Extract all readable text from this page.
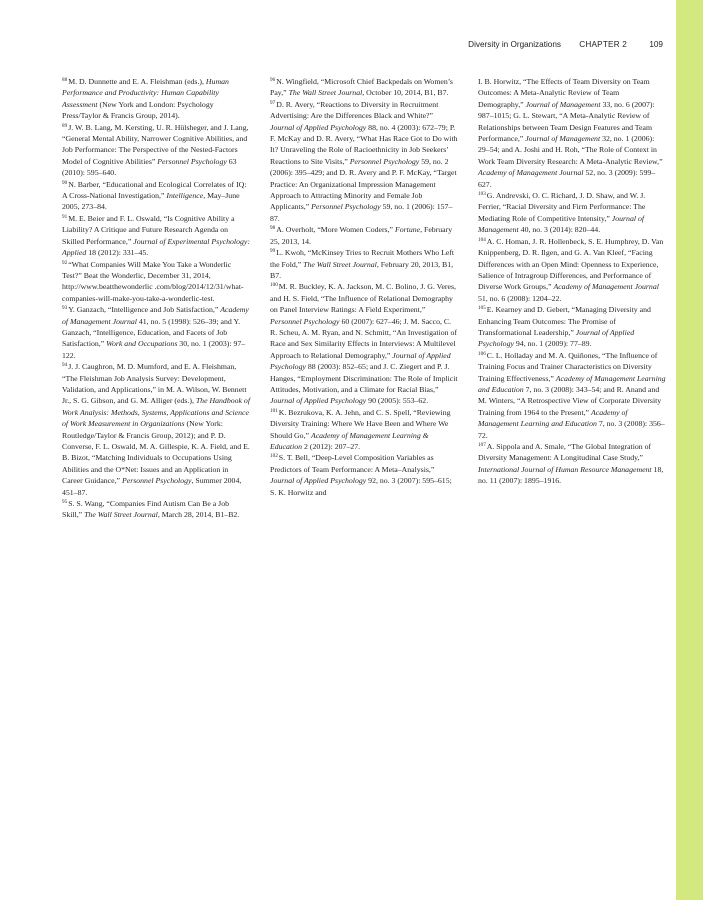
Diversity in Organizations CHAPTER 2	109

$^{88}$M. D. Dunnette and E. A. Fleishman (eds.), Human Performance and Productivity: Human Capability Assessment (New York and London: Psychology Press/Taylor & Francis Group, 2014).

$^{89}$J. W. B. Lang, M. Kersting, U. R. Hülsheger, and J. Lang, “General Mental Ability, Narrower Cognitive Abilities, and Job Performance: The Perspective of the Nested-Factors Model of Cognitive Abilities” Personnel Psychology 63 (2010): 595–640.

$^{90}$N. Barber, “Educational and Ecological Correlates of IQ: A Cross-National Investigation,” Intelligence, May–June 2005, 273–84.

$^{91}$M. E. Beier and F. L. Oswald, “Is Cognitive Ability a Liability? A Critique and Future Research Agenda on Skilled Performance,” Journal of Experimental Psychology: Applied 18 (2012): 331–45.

$^{92}$“What Companies Will Make You Take a Wonderlic Test?” Beat the Wonderlic, December 31, 2014, http://www.beatthewonderlic .com/blog/2014/12/31/what-companies-will-make-you-take-a-wonderlic-test.

$^{93}$Y. Ganzach, “Intelligence and Job Satisfaction,” Academy of Management Journal 41, no. 5 (1998): 526–39; and Y. Ganzach, “Intelligence, Education, and Facets of Job Satisfaction,” Work and Occupations 30, no. 1 (2003): 97–122.

$^{94}$J. J. Caughron, M. D. Mumford, and E. A. Fleishman, “The Fleishman Job Analysis Survey: Development, Validation, and Applications,” in M. A. Wilson, W. Bennett Jr., S. G. Gibson, and G. M. Alliger (eds.), The Handbook of Work Analysis: Methods, Systems, Applications and Science of Work Measurement in Organizations (New York: Routledge/Taylor & Francis Group, 2012); and P. D. Converse, F. L. Oswald, M. A. Gillespie, K. A. Field, and E. B. Bizot, “Matching Individuals to Occupations Using Abilities and the O*Net: Issues and an Application in Career Guidance,” Personnel Psychology, Summer 2004, 451–87.

$^{95}$S. S. Wang, “Companies Find Autism Can Be a Job Skill,” The Wall Street Journal, March 28, 2014, B1–B2.

$^{96}$N. Wingfield, “Microsoft Chief Backpedals on Women’s Pay,” The Wall Street Journal, October 10, 2014, B1, B7.

$^{97}$D. R. Avery, “Reactions to Diversity in Recruitment Advertising: Are the Differences Black and White?” Journal of Applied Psychology 88, no. 4 (2003): 672–79; P. F. McKay and D. R. Avery, “What Has Race Got to Do with It? Unraveling the Role of Racioethnicity in Job Seekers’ Reactions to Site Visits,” Personnel Psychology 59, no. 2 (2006): 395–429; and D. R. Avery and P. F. McKay, “Target Practice: An Organizational Impression Management Approach to Attracting Minority and Female Job Applicants,” Personnel Psychology 59, no. 1 (2006): 157–87.

$^{98}$A. Overholt, “More Women Coders,” Fortune, February 25, 2013, 14.

$^{99}$L. Kwoh, “McKinsey Tries to Recruit Mothers Who Left the Fold,” The Wall Street Journal, February 20, 2013, B1, B7.

$^{100}$M. R. Buckley, K. A. Jackson, M. C. Bolino, J. G. Veres, and H. S. Field, “The Influence of Relational Demography on Panel Interview Ratings: A Field Experiment,” Personnel Psychology 60 (2007): 627–46; J. M. Sacco, C. R. Scheu, A. M. Ryan, and N. Schmitt, “An Investigation of Race and Sex Similarity Effects in Interviews: A Multilevel Approach to Relational Demography,” Journal of Applied Psychology 88 (2003): 852–65; and J. C. Ziegert and P. J. Hanges, “Employment Discrimination: The Role of Implicit Attitudes, Motivation, and a Climate for Racial Bias,” Journal of Applied Psychology 90 (2005): 553–62.

$^{101}$K. Bezrukova, K. A. Jehn, and C. S. Spell, “Reviewing Diversity Training: Where We Have Been and Where We Should Go,” Academy of Management Learning & Education 2 (2012): 207–27.

$^{102}$S. T. Bell, “Deep-Level Composition Variables as Predictors of Team Performance: A Meta–Analysis,” Journal of Applied Psychology 92, no. 3 (2007): 595–615; S. K. Horwitz and

I. B. Horwitz, “The Effects of Team Diversity on Team Outcomes: A Meta-Analytic Review of Team Demography,” Journal of Management 33, no. 6 (2007): 987–1015; G. L. Stewart, “A Meta-Analytic Review of Relationships between Team Design Features and Team Performance,” Journal of Management 32, no. 1 (2006): 29–54; and A. Joshi and H. Roh, “The Role of Context in Work Team Diversity Research: A Meta-Analytic Review,” Academy of Management Journal 52, no. 3 (2009): 599–627.

$^{103}$G. Andrevski, O. C. Richard, J. D. Shaw, and W. J. Ferrier, “Racial Diversity and Firm Performance: The Mediating Role of Competitive Intensity,” Journal of Management 40, no. 3 (2014): 820–44.

$^{104}$A. C. Homan, J. R. Hollenbeck, S. E. Humphrey, D. Van Knippenberg, D. R. Ilgen, and G. A. Van Kleef, “Facing Differences with an Open Mind: Openness to Experience, Salience of Intragroup Differences, and Performance of Diverse Work Groups,” Academy of Management Journal 51, no. 6 (2008): 1204–22.

$^{105}$E. Kearney and D. Gebert, “Managing Diversity and Enhancing Team Outcomes: The Promise of Transformational Leadership,” Journal of Applied Psychology 94, no. 1 (2009): 77–89.

$^{106}$C. L. Holladay and M. A. Quiñones, “The Influence of Training Focus and Trainer Characteristics on Diversity Training Effectiveness,” Academy of Management Learning and Education 7, no. 3 (2008): 343–54; and R. Anand and M. Winters, “A Retrospective View of Corporate Diversity Training from 1964 to the Present,” Academy of Management Learning and Education 7, no. 3 (2008): 356–72.

$^{107}$A. Sippola and A. Smale, “The Global Integration of Diversity Management: A Longitudinal Case Study,” International Journal of Human Resource Management 18, no. 11 (2007): 1895–1916.
